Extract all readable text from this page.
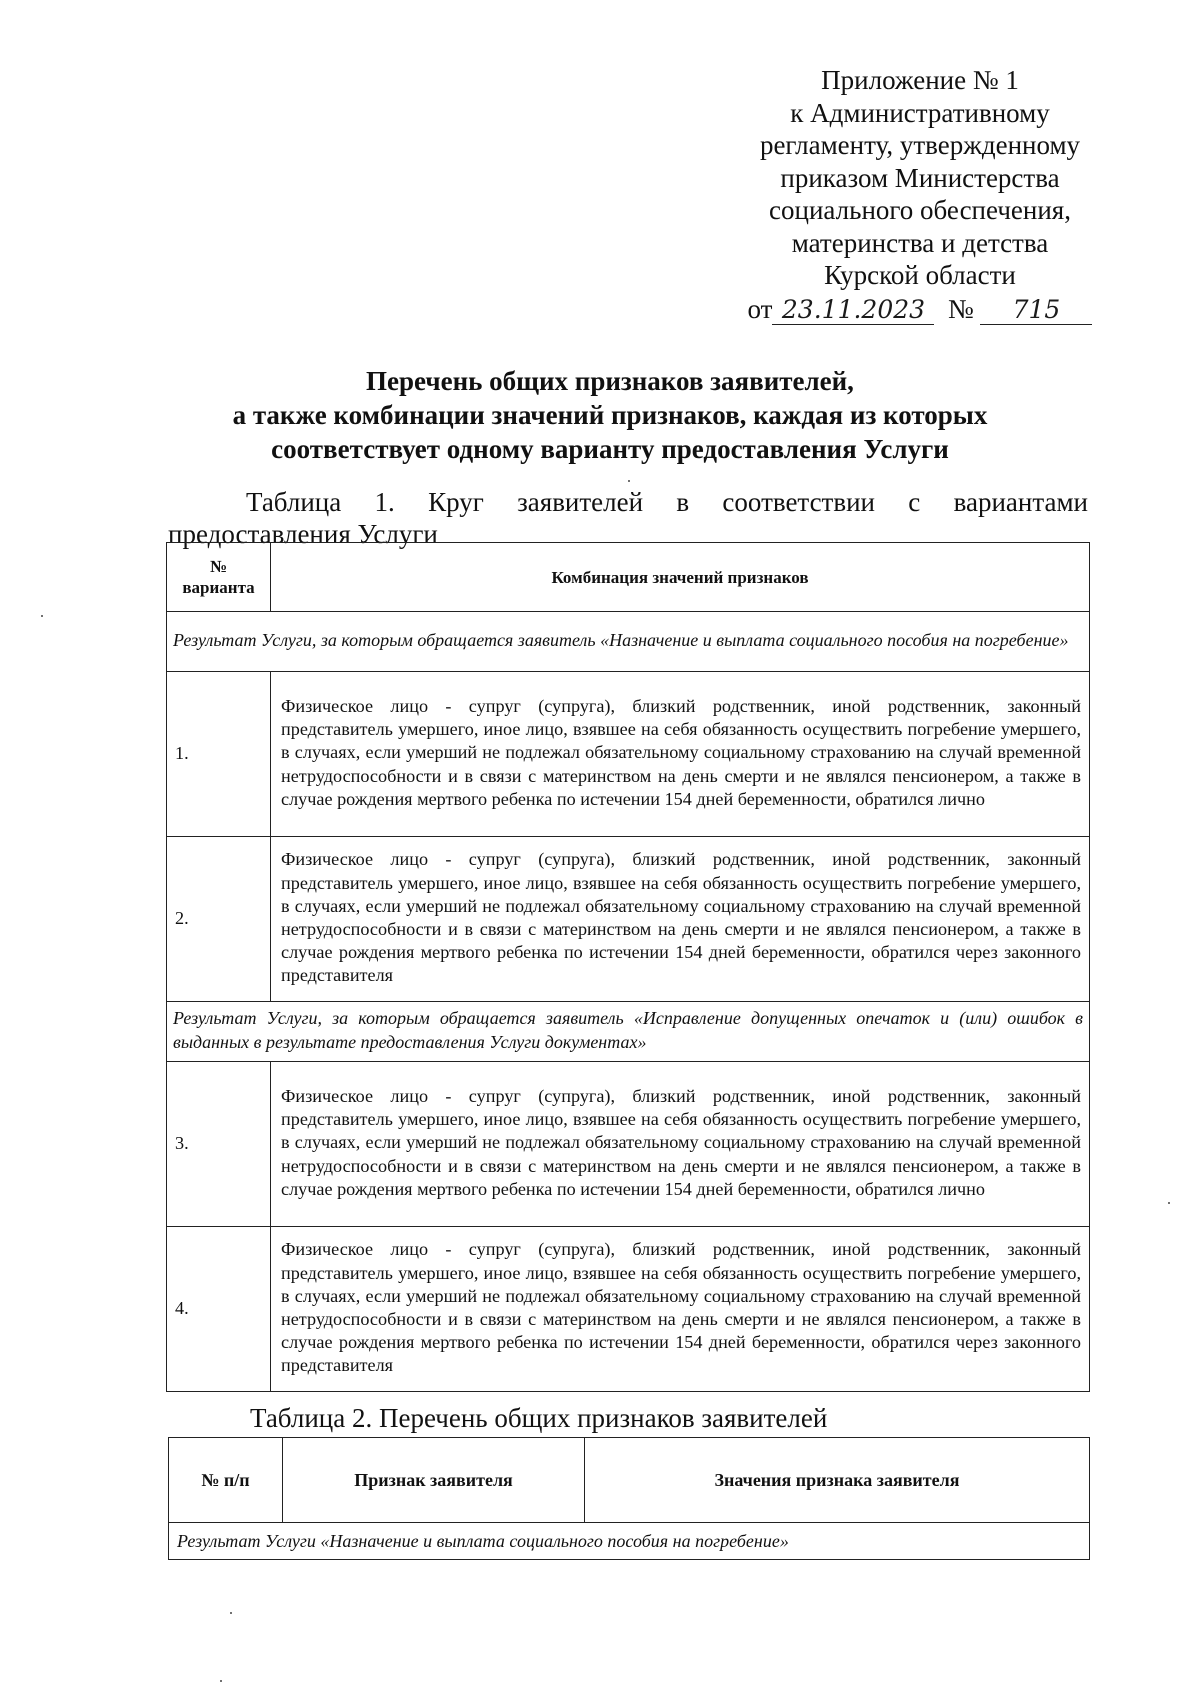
Приложение № 1
к Административному
регламенту, утвержденному
приказом Министерства
социального обеспечения,
материнства и детства
Курской области
от 23.11.2023 № 715
Перечень общих признаков заявителей,
а также комбинации значений признаков, каждая из которых
соответствует одному варианту предоставления Услуги
Таблица 1. Круг заявителей в соответствии с вариантами
предоставления Услуги
№
варианта	Комбинация значений признаков
Результат Услуги, за которым обращается заявитель «Назначение и выплата социального пособия на погребение»	
1.	Физическое лицо - супруг (супруга), близкий родственник, иной родственник, законный представитель умершего, иное лицо, взявшее на себя обязанность осуществить погребение умершего, в случаях, если умерший не подлежал обязательному социальному страхованию на случай временной нетрудоспособности и в связи с материнством на день смерти и не являлся пенсионером, а также в случае рождения мертвого ребенка по истечении 154 дней беременности, обратился лично
2.	Физическое лицо - супруг (супруга), близкий родственник, иной родственник, законный представитель умершего, иное лицо, взявшее на себя обязанность осуществить погребение умершего, в случаях, если умерший не подлежал обязательному социальному страхованию на случай временной нетрудоспособности и в связи с материнством на день смерти и не являлся пенсионером, а также в случае рождения мертвого ребенка по истечении 154 дней беременности, обратился через законного представителя
Результат Услуги, за которым обращается заявитель «Исправление допущенных опечаток и (или) ошибок в выданных в результате предоставления Услуги документах»	
3.	Физическое лицо - супруг (супруга), близкий родственник, иной родственник, законный представитель умершего, иное лицо, взявшее на себя обязанность осуществить погребение умершего, в случаях, если умерший не подлежал обязательному социальному страхованию на случай временной нетрудоспособности и в связи с материнством на день смерти и не являлся пенсионером, а также в случае рождения мертвого ребенка по истечении 154 дней беременности, обратился лично
4.	Физическое лицо - супруг (супруга), близкий родственник, иной родственник, законный представитель умершего, иное лицо, взявшее на себя обязанность осуществить погребение умершего, в случаях, если умерший не подлежал обязательному социальному страхованию на случай временной нетрудоспособности и в связи с материнством на день смерти и не являлся пенсионером, а также в случае рождения мертвого ребенка по истечении 154 дней беременности, обратился через законного представителя
Таблица 2. Перечень общих признаков заявителей
№ п/п	Признак заявителя	Значения признака заявителя
Результат Услуги «Назначение и выплата социального пособия на погребение»
